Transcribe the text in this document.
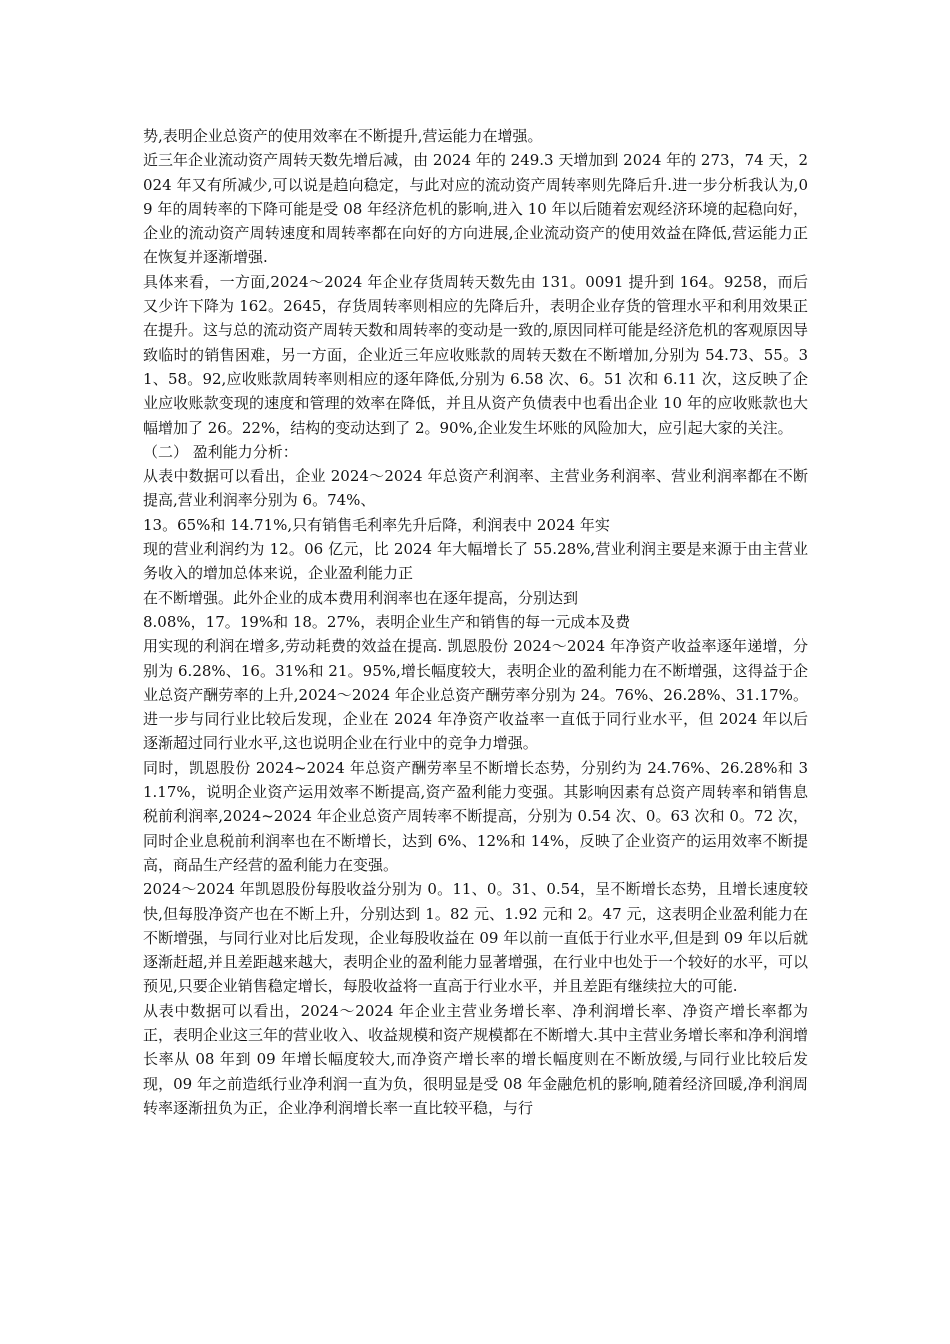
势,表明企业总资产的使用效率在不断提升,营运能力在增强。

近三年企业流动资产周转天数先增后减，由 2024 年的 249.3 天增加到 2024 年的 273，74 天，2024 年又有所减少,可以说是趋向稳定，与此对应的流动资产周转率则先降后升.进一步分析我认为,09 年的周转率的下降可能是受 08 年经济危机的影响,进入 10 年以后随着宏观经济环境的起稳向好，企业的流动资产周转速度和周转率都在向好的方向进展,企业流动资产的使用效益在降低,营运能力正在恢复并逐渐增强.

具体来看，一方面,2024～2024 年企业存货周转天数先由 131。0091 提升到 164。9258，而后又少许下降为 162。2645，存货周转率则相应的先降后升，表明企业存货的管理水平和利用效果正在提升。这与总的流动资产周转天数和周转率的变动是一致的,原因同样可能是经济危机的客观原因导致临时的销售困难，另一方面，企业近三年应收账款的周转天数在不断增加,分别为 54.73、55。31、58。92,应收账款周转率则相应的逐年降低,分别为 6.58 次、6。51 次和 6.11 次，这反映了企业应收账款变现的速度和管理的效率在降低，并且从资产负债表中也看出企业 10 年的应收账款也大幅增加了 26。22%，结构的变动达到了 2。90%,企业发生坏账的风险加大，应引起大家的关注。

（二） 盈利能力分析：

从表中数据可以看出，企业 2024～2024 年总资产利润率、主营业务利润率、营业利润率都在不断提高,营业利润率分别为 6。74%、

13。65%和 14.71%,只有销售毛利率先升后降，利润表中 2024 年实

现的营业利润约为 12。06 亿元，比 2024 年大幅增长了 55.28%,营业利润主要是来源于由主营业务收入的增加总体来说，企业盈利能力正

在不断增强。此外企业的成本费用利润率也在逐年提高，分别达到

8.08%，17。19%和 18。27%，表明企业生产和销售的每一元成本及费

用实现的利润在增多,劳动耗费的效益在提高. 凯恩股份 2024～2024 年净资产收益率逐年递增，分别为 6.28%、16。31%和 21。95%,增长幅度较大，表明企业的盈利能力在不断增强，这得益于企业总资产酬劳率的上升,2024～2024 年企业总资产酬劳率分别为 24。76%、26.28%、31.17%。进一步与同行业比较后发现，企业在 2024 年净资产收益率一直低于同行业水平，但 2024 年以后逐渐超过同行业水平,这也说明企业在行业中的竞争力增强。

同时，凯恩股份 2024~2024 年总资产酬劳率呈不断增长态势，分别约为 24.76%、26.28%和 31.17%，说明企业资产运用效率不断提高,资产盈利能力变强。其影响因素有总资产周转率和销售息税前利润率,2024~2024 年企业总资产周转率不断提高，分别为 0.54 次、0。63 次和 0。72 次，同时企业息税前利润率也在不断增长，达到 6%、12%和 14%，反映了企业资产的运用效率不断提高，商品生产经营的盈利能力在变强。

2024～2024 年凯恩股份每股收益分别为 0。11、0。31、0.54，呈不断增长态势，且增长速度较快,但每股净资产也在不断上升，分别达到 1。82 元、1.92 元和 2。47 元，这表明企业盈利能力在不断增强，与同行业对比后发现，企业每股收益在 09 年以前一直低于行业水平,但是到 09 年以后就逐渐赶超,并且差距越来越大，表明企业的盈利能力显著增强，在行业中也处于一个较好的水平，可以预见,只要企业销售稳定增长，每股收益将一直高于行业水平，并且差距有继续拉大的可能.

从表中数据可以看出，2024～2024 年企业主营业务增长率、净利润增长率、净资产增长率都为正，表明企业这三年的营业收入、收益规模和资产规模都在不断增大.其中主营业务增长率和净利润增长率从 08 年到 09 年增长幅度较大,而净资产增长率的增长幅度则在不断放缓,与同行业比较后发现，09 年之前造纸行业净利润一直为负，很明显是受 08 年金融危机的影响,随着经济回暖,净利润周转率逐渐扭负为正，企业净利润增长率一直比较平稳，与行
